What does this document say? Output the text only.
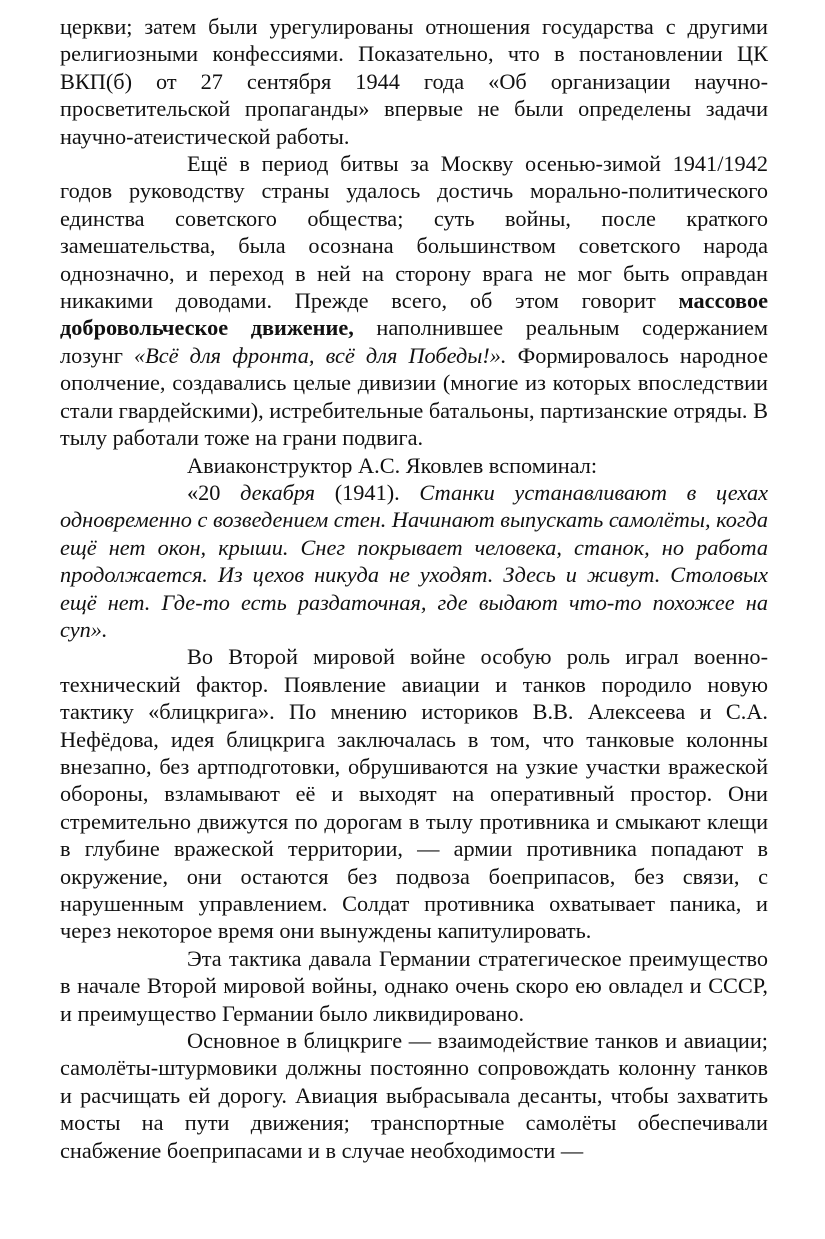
церкви; затем были урегулированы отношения государства с другими религиозными конфессиями. Показательно, что в постановлении ЦК ВКП(б) от 27 сентября 1944 года «Об организации научно-просветительской пропаганды» впервые не были определены задачи научно-атеистической работы.

Ещё в период битвы за Москву осенью-зимой 1941/1942 годов руководству страны удалось достичь морально-политического единства советского общества; суть войны, после краткого замешательства, была осознана большинством советского народа однозначно, и переход в ней на сторону врага не мог быть оправдан никакими доводами. Прежде всего, об этом говорит массовое добровольческое движение, наполнившее реальным содержанием лозунг «Всё для фронта, всё для Победы!». Формировалось народное ополчение, создавались целые дивизии (многие из которых впоследствии стали гвардейскими), истребительные батальоны, партизанские отряды. В тылу работали тоже на грани подвига.

Авиаконструктор А.С. Яковлев вспоминал:

«20 декабря (1941). Станки устанавливают в цехах одновременно с возведением стен. Начинают выпускать самолёты, когда ещё нет окон, крыши. Снег покрывает человека, станок, но работа продолжается. Из цехов никуда не уходят. Здесь и живут. Столовых ещё нет. Где-то есть раздаточная, где выдают что-то похожее на суп».

Во Второй мировой войне особую роль играл военно-технический фактор. Появление авиации и танков породило новую тактику «блицкрига». По мнению историков В.В. Алексеева и С.А. Нефёдова, идея блицкрига заключалась в том, что танковые колонны внезапно, без артподготовки, обрушиваются на узкие участки вражеской обороны, взламывают её и выходят на оперативный простор. Они стремительно движутся по дорогам в тылу противника и смыкают клещи в глубине вражеской территории, — армии противника попадают в окружение, они остаются без подвоза боеприпасов, без связи, с нарушенным управлением. Солдат противника охватывает паника, и через некоторое время они вынуждены капитулировать.

Эта тактика давала Германии стратегическое преимущество в начале Второй мировой войны, однако очень скоро ею овладел и СССР, и преимущество Германии было ликвидировано.

Основное в блицкриге — взаимодействие танков и авиации; самолёты-штурмовики должны постоянно сопровождать колонну танков и расчищать ей дорогу. Авиация выбрасывала десанты, чтобы захватить мосты на пути движения; транспортные самолёты обеспечивали снабжение боеприпасами и в случае необходимости —
